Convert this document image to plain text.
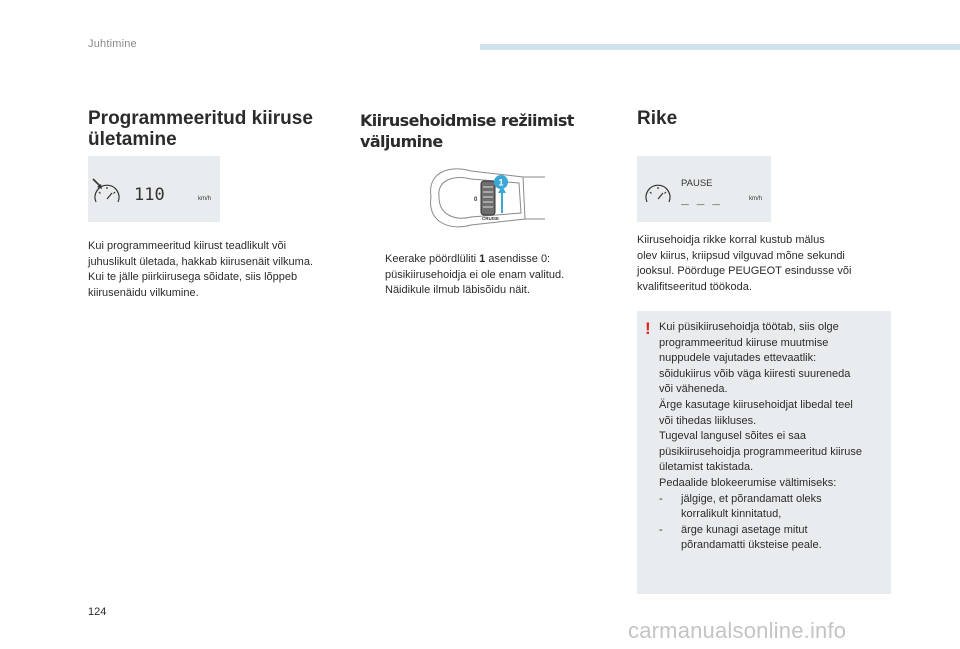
Juhtimine
Programmeeritud kiiruse
ületamine
110	km/h
Kui programmeeritud kiirust teadlikult või
juhuslikult ületada, hakkab kiirusenäit vilkuma.
Kui te jälle piirkiirusega sõidate, siis lõppeb
kiirusenäidu vilkumine.
Kiirusehoidmise režiimist väljumine
0
CRUISE
1
Keerake pöördlüliti 1 asendisse 0:
püsikiirusehoidja ei ole enam valitud.
Näidikule ilmub läbisõidu näit.
Rike
PAUSE
_ _ _	km/h
Kiirusehoidja rikke korral kustub mälus
olev kiirus, kriipsud vilguvad mõne sekundi
jooksul. Pöörduge PEUGEOT esindusse või
kvalifitseeritud töökoda.
! Kui püsikiirusehoidja töötab, siis olge

programmeeritud kiiruse muutmise

nuppudele vajutades ettevaatlik:

sõidukiirus võib väga kiiresti suureneda

või väheneda.

Ärge kasutage kiirusehoidjat libedal teel

või tihedas liikluses.

Tugeval langusel sõites ei saa

püsikiirusehoidja programmeeritud kiiruse

ületamist takistada.

Pedaalide blokeerumise vältimiseks:

-	jälgige, et põrandamatt oleks
korralikult kinnitatud,
-	ärge kunagi asetage mitut
põrandamatti üksteise peale.
124
carmanualsonline.info
